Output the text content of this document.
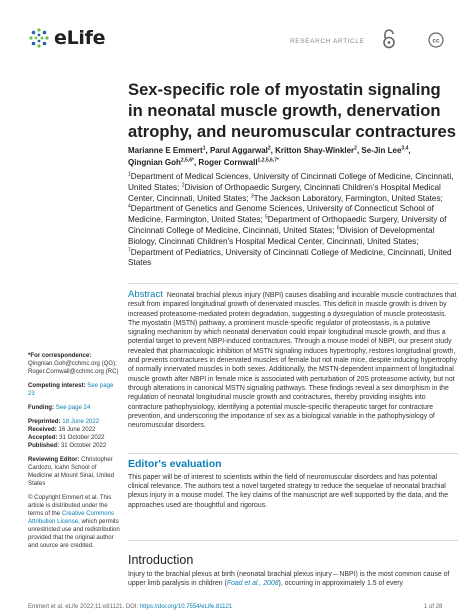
eLife	RESEARCH ARTICLE	cc
Sex-specific role of myostatin signaling in neonatal muscle growth, denervation atrophy, and neuromuscular contractures
Marianne E Emmert$^1$, Parul Aggarwal$^2$, Kritton Shay-Winkler$^2$, Se-Jin Lee$^{3,4}$,
Qingnian Goh$^{2,5,6*}$, Roger Cornwall$^{1,2,5,6,7*}$
$^1$Department of Medical Sciences, University of Cincinnati College of Medicine, Cincinnati, United States; $^2$Division of Orthopaedic Surgery, Cincinnati Children’s Hospital Medical Center, Cincinnati, United States; $^3$The Jackson Laboratory, Farmington, United States; $^4$Department of Genetics and Genome Sciences, University of Connecticut School of Medicine, Farmington, United States; $^5$Department of Orthopaedic Surgery, University of Cincinnati College of Medicine, Cincinnati, United States; $^6$Division of Developmental Biology, Cincinnati Children’s Hospital Medical Center, Cincinnati, United States; $^7$Department of Pediatrics, University of Cincinnati College of Medicine, Cincinnati, United States
Abstract Neonatal brachial plexus injury (NBPI) causes disabling and incurable muscle contractures that result from impaired longitudinal growth of denervated muscles. This deficit in muscle growth is driven by increased proteasome-mediated protein degradation, suggesting a dysregulation of muscle proteostasis. The myostatin (MSTN) pathway, a prominent muscle-specific regulator of proteostasis, is a putative signaling mechanism by which neonatal denervation could impair longitudinal muscle growth, and thus a potential target to prevent NBPI-induced contractures. Through a mouse model of NBPI, our present study revealed that pharmacologic inhibition of MSTN signaling induces hypertrophy, restores longitudinal growth, and prevents contractures in denervated muscles of female but not male mice, despite inducing hypertrophy of normally innervated muscles in both sexes. Additionally, the MSTN-dependent impairment of longitudinal muscle growth after NBPI in female mice is associated with perturbation of 20S proteasome activity, but not through alterations in canonical MSTN signaling pathways. These findings reveal a sex dimorphism in the regulation of neonatal longitudinal muscle growth and contractures, thereby providing insights into contracture pathophysiology, identifying a potential muscle-specific therapeutic target for contracture prevention, and underscoring the importance of sex as a biological variable in the pathophysiology of neuromuscular disorders.
*For correspondence:
Qingnian.Goh@cchmc.org (QG);
Roger.Cornwall@cchmc.org (RC)
Competing interest: See page 23
Funding: See page 24
Preprinted: 18 June 2022
Received: 16 June 2022
Accepted: 31 October 2022
Published: 31 October 2022
Reviewing Editor: Christopher Cardozo, Icahn School of Medicine at Mount Sinai, United States
© Copyright Emmert et al. This article is distributed under the terms of the Creative Commons Attribution License, which permits unrestricted use and redistribution provided that the original author and source are credited.
Editor's evaluation
This paper will be of interest to scientists within the field of neuromuscular disorders and has potential clinical relevance. The authors test a novel targeted strategy to reduce the sequelae of neonatal brachial plexus injury in a mouse model. The key claims of the manuscript are well supported by the data, and the approaches used are thoughtful and rigorous.
Introduction
Injury to the brachial plexus at birth (neonatal brachial plexus injury – NBPI) is the most common cause of upper limb paralysis in children (Foad et al., 2008), occurring in approximately 1.5 of every
Emmert et al. eLife 2022;11:e81121. DOI: https://doi.org/10.7554/eLife.81121	1 of 28
